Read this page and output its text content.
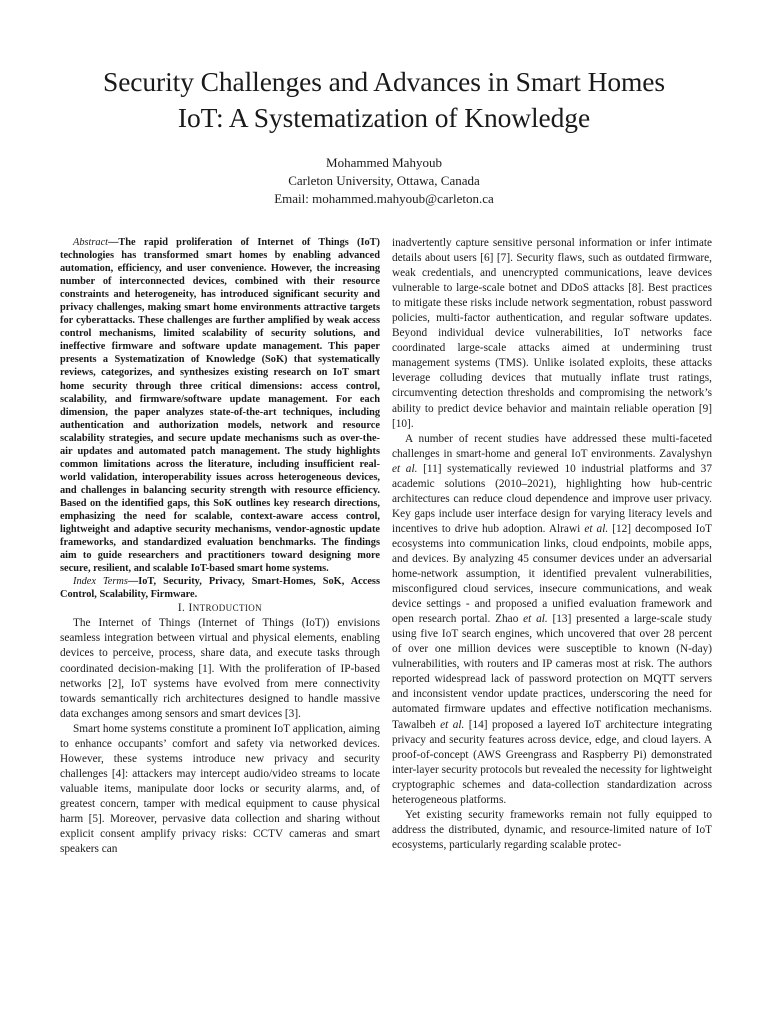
Security Challenges and Advances in Smart Homes
IoT: A Systematization of Knowledge
Mohammed Mahyoub
Carleton University, Ottawa, Canada
Email: mohammed.mahyoub@carleton.ca

Abstract—The rapid proliferation of Internet of Things (IoT) technologies has transformed smart homes by enabling advanced automation, efficiency, and user convenience. However, the increasing number of interconnected devices, combined with their resource constraints and heterogeneity, has introduced significant security and privacy challenges, making smart home environments attractive targets for cyberattacks. These challenges are further amplified by weak access control mechanisms, limited scalability of security solutions, and ineffective firmware and software update management. This paper presents a Systematization of Knowledge (SoK) that systematically reviews, categorizes, and synthesizes existing research on IoT smart home security through three critical dimensions: access control, scalability, and firmware/software update management. For each dimension, the paper analyzes state-of-the-art techniques, including authentication and authorization models, network and resource scalability strategies, and secure update mechanisms such as over-the-air updates and automated patch management. The study highlights common limitations across the literature, including insufficient real-world validation, interoperability issues across heterogeneous devices, and challenges in balancing security strength with resource efficiency. Based on the identified gaps, this SoK outlines key research directions, emphasizing the need for scalable, context-aware access control, lightweight and adaptive security mechanisms, vendor-agnostic update frameworks, and standardized evaluation benchmarks. The findings aim to guide researchers and practitioners toward designing more secure, resilient, and scalable IoT-based smart home systems.

Index Terms—IoT, Security, Privacy, Smart-Homes, SoK, Access Control, Scalability, Firmware.

I. INTRODUCTION

The Internet of Things (Internet of Things (IoT)) envisions seamless integration between virtual and physical elements, enabling devices to perceive, process, share data, and execute tasks through coordinated decision-making [1]. With the proliferation of IP-based networks [2], IoT systems have evolved from mere connectivity towards semantically rich architectures designed to handle massive data exchanges among sensors and smart devices [3].

Smart home systems constitute a prominent IoT application, aiming to enhance occupants’ comfort and safety via networked devices. However, these systems introduce new privacy and security challenges [4]: attackers may intercept audio/video streams to locate valuable items, manipulate door locks or security alarms, and, of greatest concern, tamper with medical equipment to cause physical harm [5]. Moreover, pervasive data collection and sharing without explicit consent amplify privacy risks: CCTV cameras and smart speakers can

inadvertently capture sensitive personal information or infer intimate details about users [6] [7]. Security flaws, such as outdated firmware, weak credentials, and unencrypted communications, leave devices vulnerable to large-scale botnet and DDoS attacks [8]. Best practices to mitigate these risks include network segmentation, robust password policies, multi-factor authentication, and regular software updates. Beyond individual device vulnerabilities, IoT networks face coordinated large-scale attacks aimed at undermining trust management systems (TMS). Unlike isolated exploits, these attacks leverage colluding devices that mutually inflate trust ratings, circumventing detection thresholds and compromising the network’s ability to predict device behavior and maintain reliable operation [9] [10].

A number of recent studies have addressed these multi-faceted challenges in smart-home and general IoT environments. Zavalyshyn et al. [11] systematically reviewed 10 industrial platforms and 37 academic solutions (2010–2021), highlighting how hub-centric architectures can reduce cloud dependence and improve user privacy. Key gaps include user interface design for varying literacy levels and incentives to drive hub adoption. Alrawi et al. [12] decomposed IoT ecosystems into communication links, cloud endpoints, mobile apps, and devices. By analyzing 45 consumer devices under an adversarial home-network assumption, it identified prevalent vulnerabilities, misconfigured cloud services, insecure communications, and weak device settings - and proposed a unified evaluation framework and open research portal. Zhao et al. [13] presented a large-scale study using five IoT search engines, which uncovered that over 28 percent of over one million devices were susceptible to known (N-day) vulnerabilities, with routers and IP cameras most at risk. The authors reported widespread lack of password protection on MQTT servers and inconsistent vendor update practices, underscoring the need for automated firmware updates and effective notification mechanisms. Tawalbeh et al. [14] proposed a layered IoT architecture integrating privacy and security features across device, edge, and cloud layers. A proof-of-concept (AWS Greengrass and Raspberry Pi) demonstrated inter-layer security protocols but revealed the necessity for lightweight cryptographic schemes and data-collection standardization across heterogeneous platforms.

Yet existing security frameworks remain not fully equipped to address the distributed, dynamic, and resource-limited nature of IoT ecosystems, particularly regarding scalable protec-
